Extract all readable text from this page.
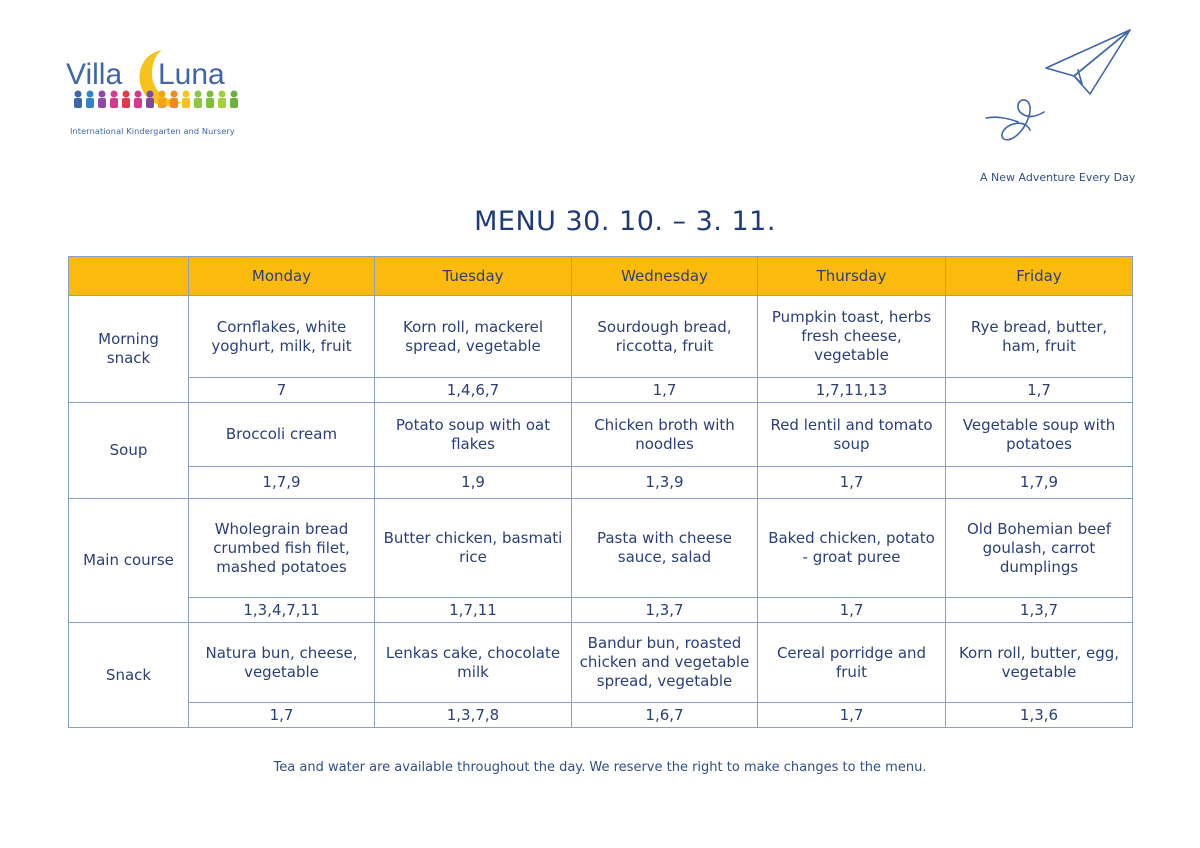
Villa Luna
International Kindergarten and Nursery
A New Adventure Every Day
MENU 30. 10. – 3. 11.
	Monday	Tuesday	Wednesday	Thursday	Friday
Morning snack	Cornflakes, white yoghurt, milk, fruit	Korn roll, mackerel spread, vegetable	Sourdough bread, riccotta, fruit	Pumpkin toast, herbs fresh cheese, vegetable	Rye bread, butter, ham, fruit
	7	1,4,6,7	1,7	1,7,11,13	1,7
Soup	Broccoli cream	Potato soup with oat flakes	Chicken broth with noodles	Red lentil and tomato soup	Vegetable soup with potatoes
	1,7,9	1,9	1,3,9	1,7	1,7,9
Main course	Wholegrain bread crumbed fish filet, mashed potatoes	Butter chicken, basmati rice	Pasta with cheese sauce, salad	Baked chicken, potato - groat puree	Old Bohemian beef goulash, carrot dumplings
	1,3,4,7,11	1,7,11	1,3,7	1,7	1,3,7
Snack	Natura bun, cheese, vegetable	Lenkas cake, chocolate milk	Bandur bun, roasted chicken and vegetable spread, vegetable	Cereal porridge and fruit	Korn roll, butter, egg, vegetable
	1,7	1,3,7,8	1,6,7	1,7	1,3,6
Tea and water are available throughout the day. We reserve the right to make changes to the menu.
